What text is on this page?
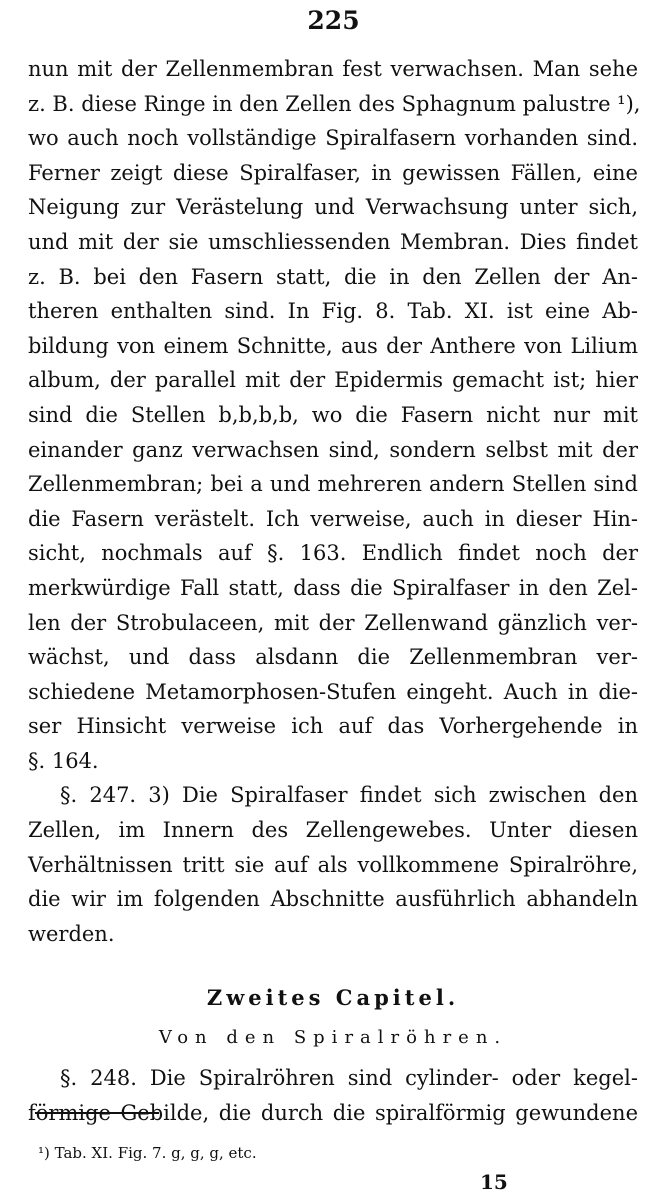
225
nun mit der Zellenmembran fest verwachsen. Man sehe
z. B. diese Ringe in den Zellen des Sphagnum palustre ¹),
wo auch noch vollständige Spiralfasern vorhanden sind.
Ferner zeigt diese Spiralfaser, in gewissen Fällen, eine
Neigung zur Verästelung und Verwachsung unter sich,
und mit der sie umschliessenden Membran. Dies findet
z. B. bei den Fasern statt, die in den Zellen der An-
theren enthalten sind. In Fig. 8. Tab. XI. ist eine Ab-
bildung von einem Schnitte, aus der Anthere von Lilium
album, der parallel mit der Epidermis gemacht ist; hier
sind die Stellen b,b,b,b, wo die Fasern nicht nur mit
einander ganz verwachsen sind, sondern selbst mit der
Zellenmembran; bei a und mehreren andern Stellen sind
die Fasern verästelt. Ich verweise, auch in dieser Hin-
sicht, nochmals auf §. 163. Endlich findet noch der
merkwürdige Fall statt, dass die Spiralfaser in den Zel-
len der Strobulaceen, mit der Zellenwand gänzlich ver-
wächst, und dass alsdann die Zellenmembran ver-
schiedene Metamorphosen-Stufen eingeht. Auch in die-
ser Hinsicht verweise ich auf das Vorhergehende in
§. 164.
§. 247. 3) Die Spiralfaser findet sich zwischen den
Zellen, im Innern des Zellengewebes. Unter diesen
Verhältnissen tritt sie auf als vollkommene Spiralröhre,
die wir im folgenden Abschnitte ausführlich abhandeln
werden.
Zweites Capitel.
Von den Spiralröhren.
§. 248. Die Spiralröhren sind cylinder- oder kegel-
förmige Gebilde, die durch die spiralförmig gewundene
¹) Tab. XI. Fig. 7. g, g, g, etc.
15
